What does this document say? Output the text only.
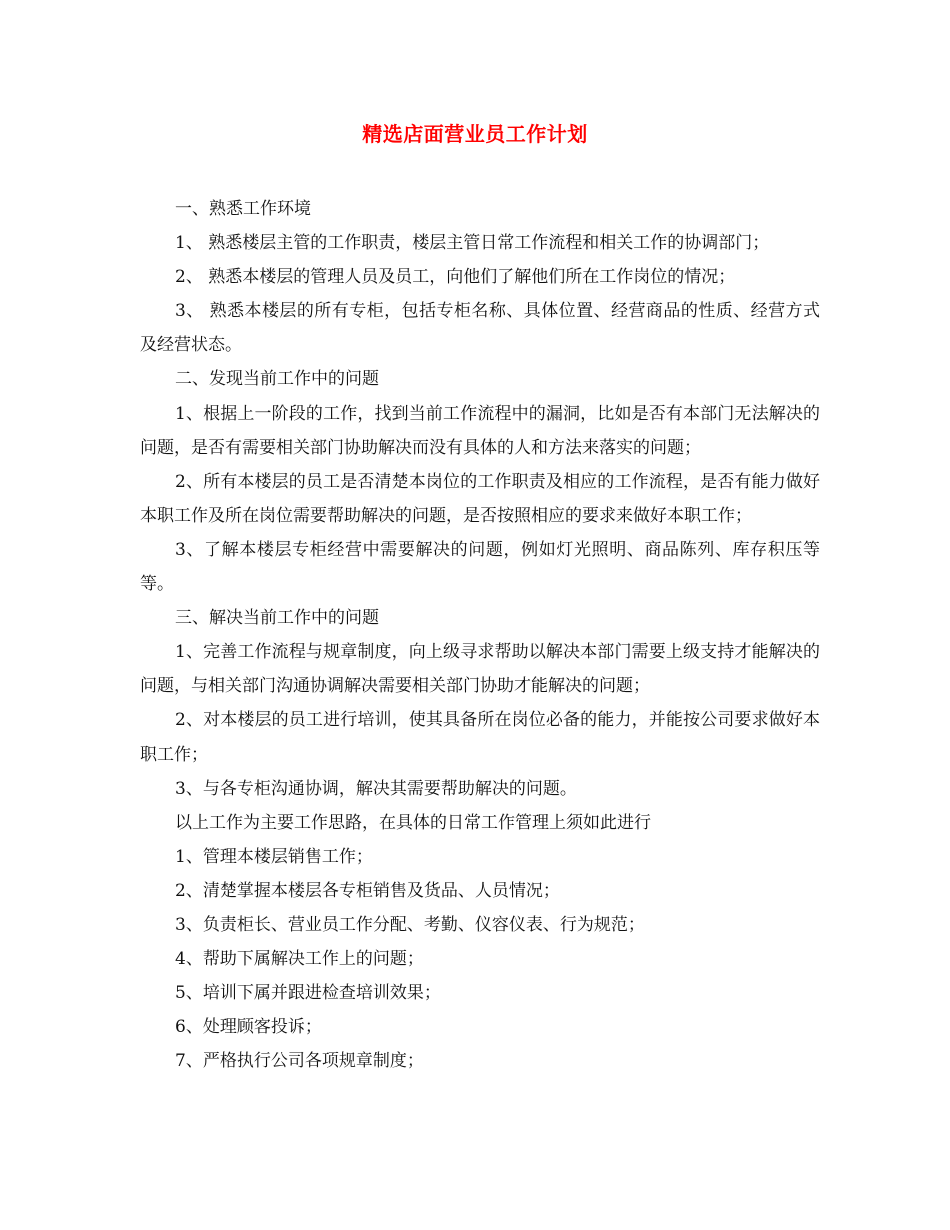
精选店面营业员工作计划

一、熟悉工作环境

1、 熟悉楼层主管的工作职责，楼层主管日常工作流程和相关工作的协调部门；

2、 熟悉本楼层的管理人员及员工，向他们了解他们所在工作岗位的情况；

3、 熟悉本楼层的所有专柜，包括专柜名称、具体位置、经营商品的性质、经营方式及经营状态。

二、发现当前工作中的问题

1、根据上一阶段的工作，找到当前工作流程中的漏洞，比如是否有本部门无法解决的问题，是否有需要相关部门协助解决而没有具体的人和方法来落实的问题；

2、所有本楼层的员工是否清楚本岗位的工作职责及相应的工作流程，是否有能力做好本职工作及所在岗位需要帮助解决的问题，是否按照相应的要求来做好本职工作；

3、了解本楼层专柜经营中需要解决的问题，例如灯光照明、商品陈列、库存积压等等。

三、解决当前工作中的问题

1、完善工作流程与规章制度，向上级寻求帮助以解决本部门需要上级支持才能解决的问题，与相关部门沟通协调解决需要相关部门协助才能解决的问题；

2、对本楼层的员工进行培训，使其具备所在岗位必备的能力，并能按公司要求做好本职工作；

3、与各专柜沟通协调，解决其需要帮助解决的问题。

以上工作为主要工作思路，在具体的日常工作管理上须如此进行

1、管理本楼层销售工作；

2、清楚掌握本楼层各专柜销售及货品、人员情况；

3、负责柜长、营业员工作分配、考勤、仪容仪表、行为规范；

4、帮助下属解决工作上的问题；

5、培训下属并跟进检查培训效果；

6、处理顾客投诉；

7、严格执行公司各项规章制度；
